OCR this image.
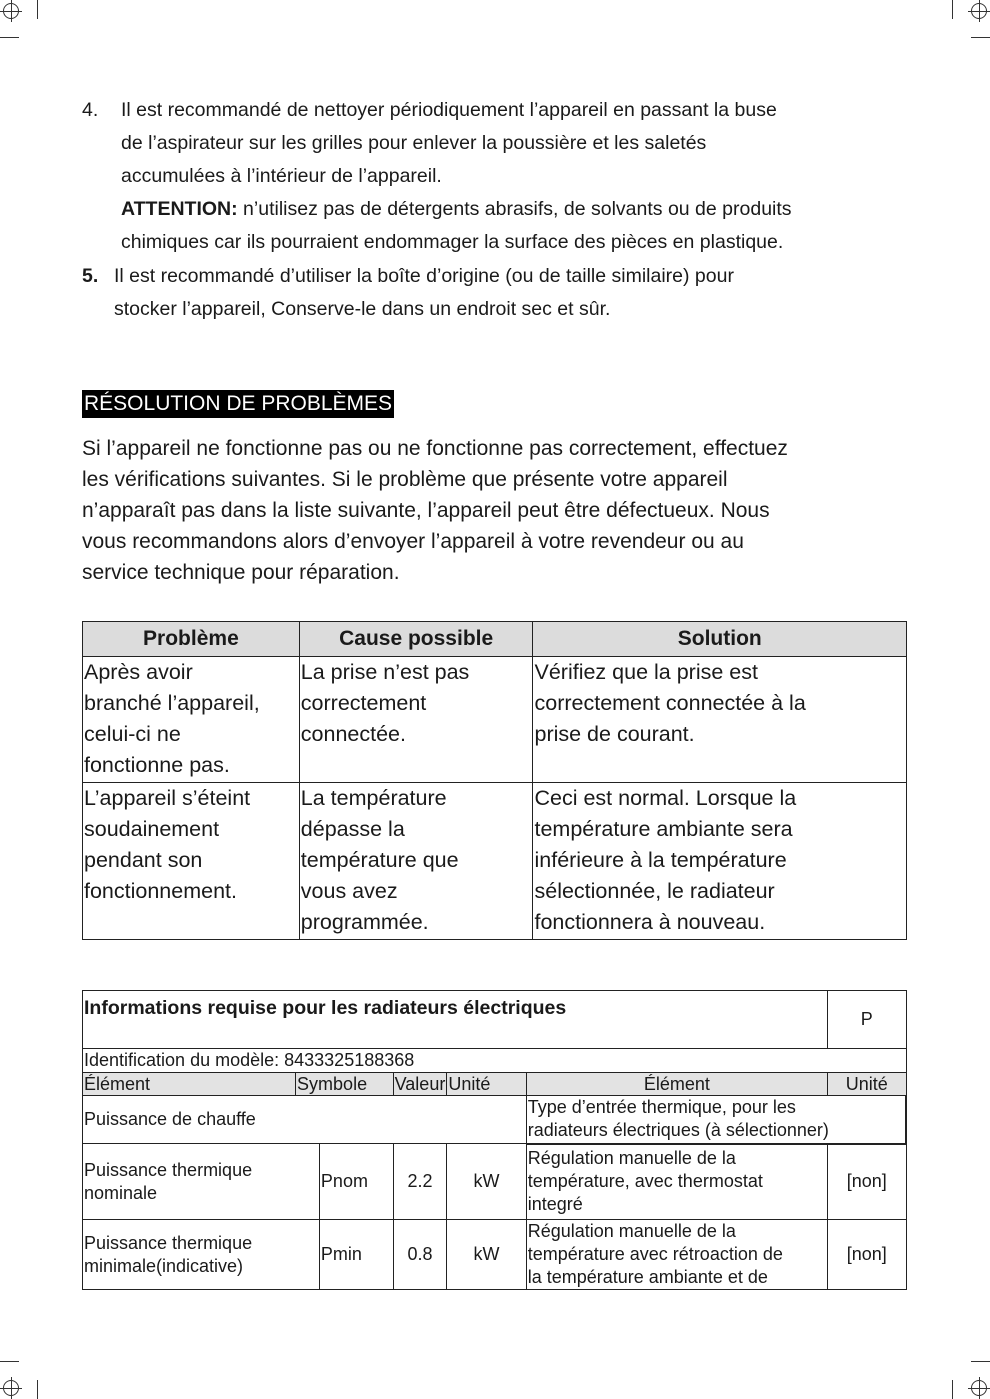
4. Il est recommandé de nettoyer périodiquement l’appareil en passant la buse
de l’aspirateur sur les grilles pour enlever la poussière et les saletés
accumulées à l’intérieur de l’appareil.
ATTENTION: n’utilisez pas de détergents abrasifs, de solvants ou de produits
chimiques car ils pourraient endommager la surface des pièces en plastique.
5. Il est recommandé d’utiliser la boîte d’origine (ou de taille similaire) pour
stocker l’appareil, Conserve-le dans un endroit sec et sûr.
RÉSOLUTION DE PROBLÈMES
Si l’appareil ne fonctionne pas ou ne fonctionne pas correctement, effectuez
les vérifications suivantes. Si le problème que présente votre appareil
n’apparaît pas dans la liste suivante, l’appareil peut être défectueux. Nous
vous recommandons alors d’envoyer l’appareil à votre revendeur ou au
service technique pour réparation.
Problème	Cause possible	Solution

Après avoir
branché l’appareil,
celui-ci ne
fonctionne pas.	La prise n’est pas
correctement
connectée.	Vérifiez que la prise est
correctement connectée à la
prise de courant.

L’appareil s’éteint
soudainement
pendant son
fonctionnement.	La température
dépasse la
température que
vous avez
programmée.	Ceci est normal. Lorsque la
température ambiante sera
inférieure à la température
sélectionnée, le radiateur
fonctionnera à nouveau.
Informations requise pour les radiateurs électriques						P
Identification du modèle: 8433325188368						
Élément	Symbole		Valeur	Unité	Élément	Unité
Puissance de chauffe					Type d’entrée thermique, pour les
radiateurs électriques (à sélectionner)	

Puissance thermique
nominale		Pnom	2.2	kW	Régulation manuelle de la
température, avec thermostat
integré	[non]

Puissance thermique
minimale(indicative)		Pmin	0.8	kW	Régulation manuelle de la
température avec rétroaction de
la température ambiante et de	[non]
